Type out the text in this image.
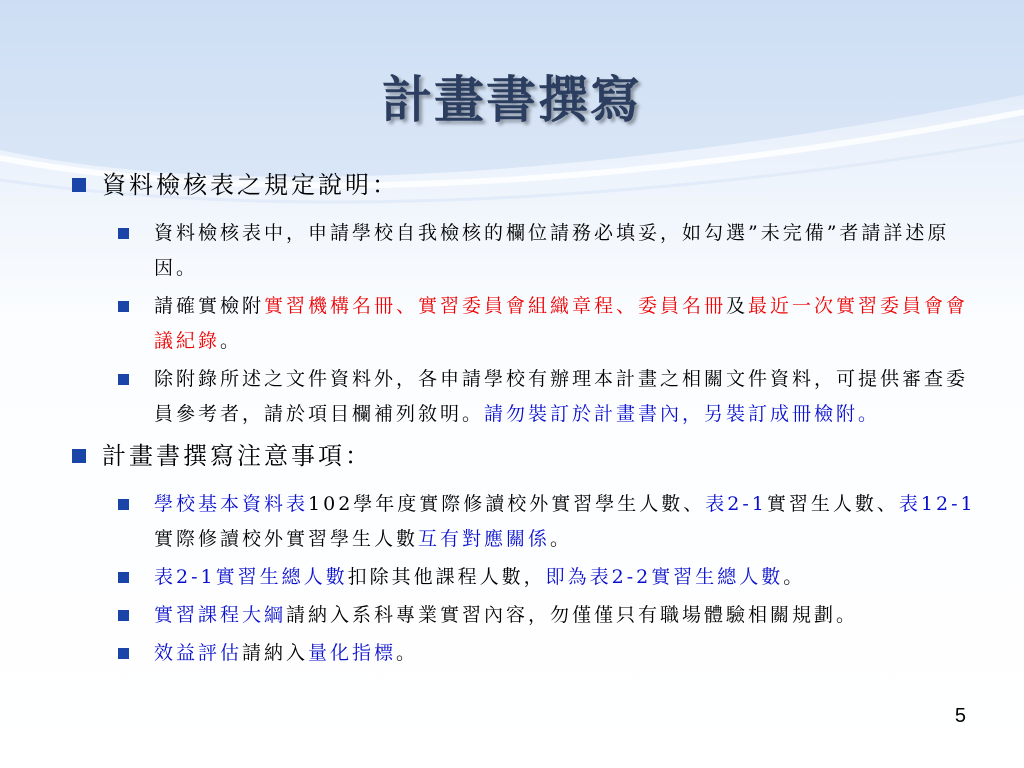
計畫書撰寫
資料檢核表之規定說明：
資料檢核表中，申請學校自我檢核的欄位請務必填妥，如勾選”未完備”者請詳述原因。
請確實檢附實習機構名冊、實習委員會組織章程、委員名冊及最近一次實習委員會會議紀錄。
除附錄所述之文件資料外，各申請學校有辦理本計畫之相關文件資料，可提供審查委員參考者，請於項目欄補列敘明。請勿裝訂於計畫書內，另裝訂成冊檢附。
計畫書撰寫注意事項：
學校基本資料表102學年度實際修讀校外實習學生人數、表2-1實習生人數、表12-1實際修讀校外實習學生人數互有對應關係。
表2-1實習生總人數扣除其他課程人數，即為表2-2實習生總人數。
實習課程大綱請納入系科專業實習內容，勿僅僅只有職場體驗相關規劃。
效益評估請納入量化指標。
5
